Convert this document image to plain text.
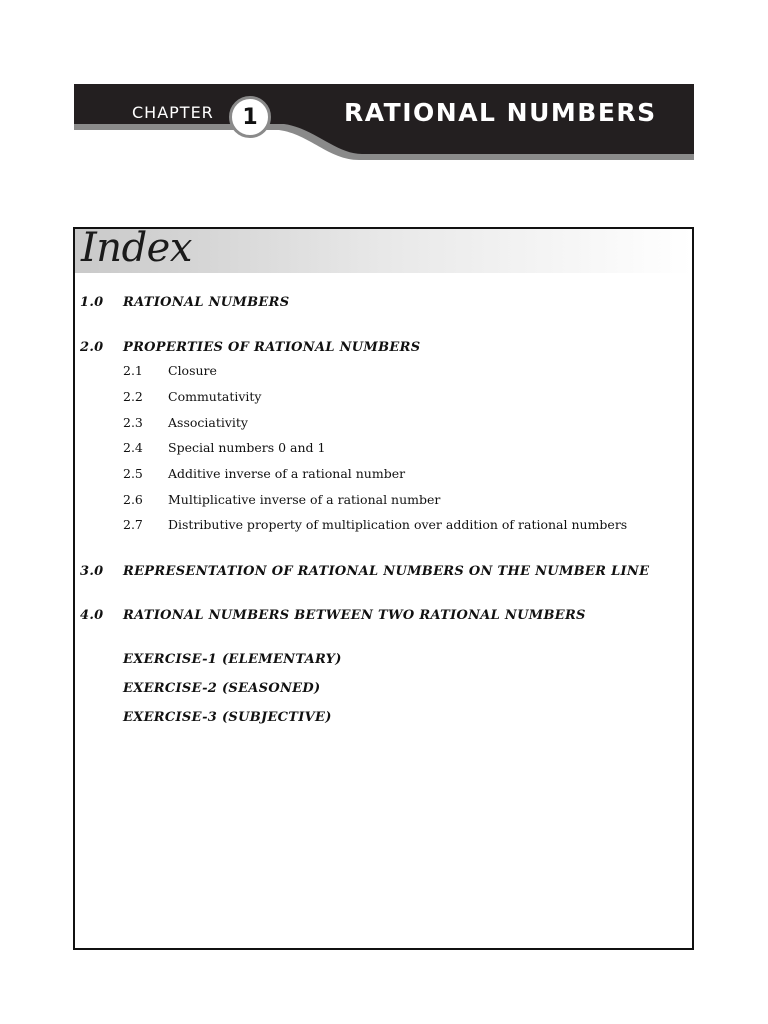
CHAPTER	1	RATIONAL NUMBERS
Index
1.0	RATIONAL NUMBERS
2.0	PROPERTIES OF RATIONAL NUMBERS
2.1	Closure
2.2	Commutativity
2.3	Associativity
2.4	Special numbers 0 and 1
2.5	Additive inverse of a rational number
2.6	Multiplicative inverse of a rational number
2.7	Distributive property of multiplication over addition of rational numbers
3.0	REPRESENTATION OF RATIONAL NUMBERS ON THE NUMBER LINE
4.0	RATIONAL NUMBERS BETWEEN TWO RATIONAL NUMBERS
EXERCISE-1 (ELEMENTARY)
EXERCISE-2 (SEASONED)
EXERCISE-3 (SUBJECTIVE)
